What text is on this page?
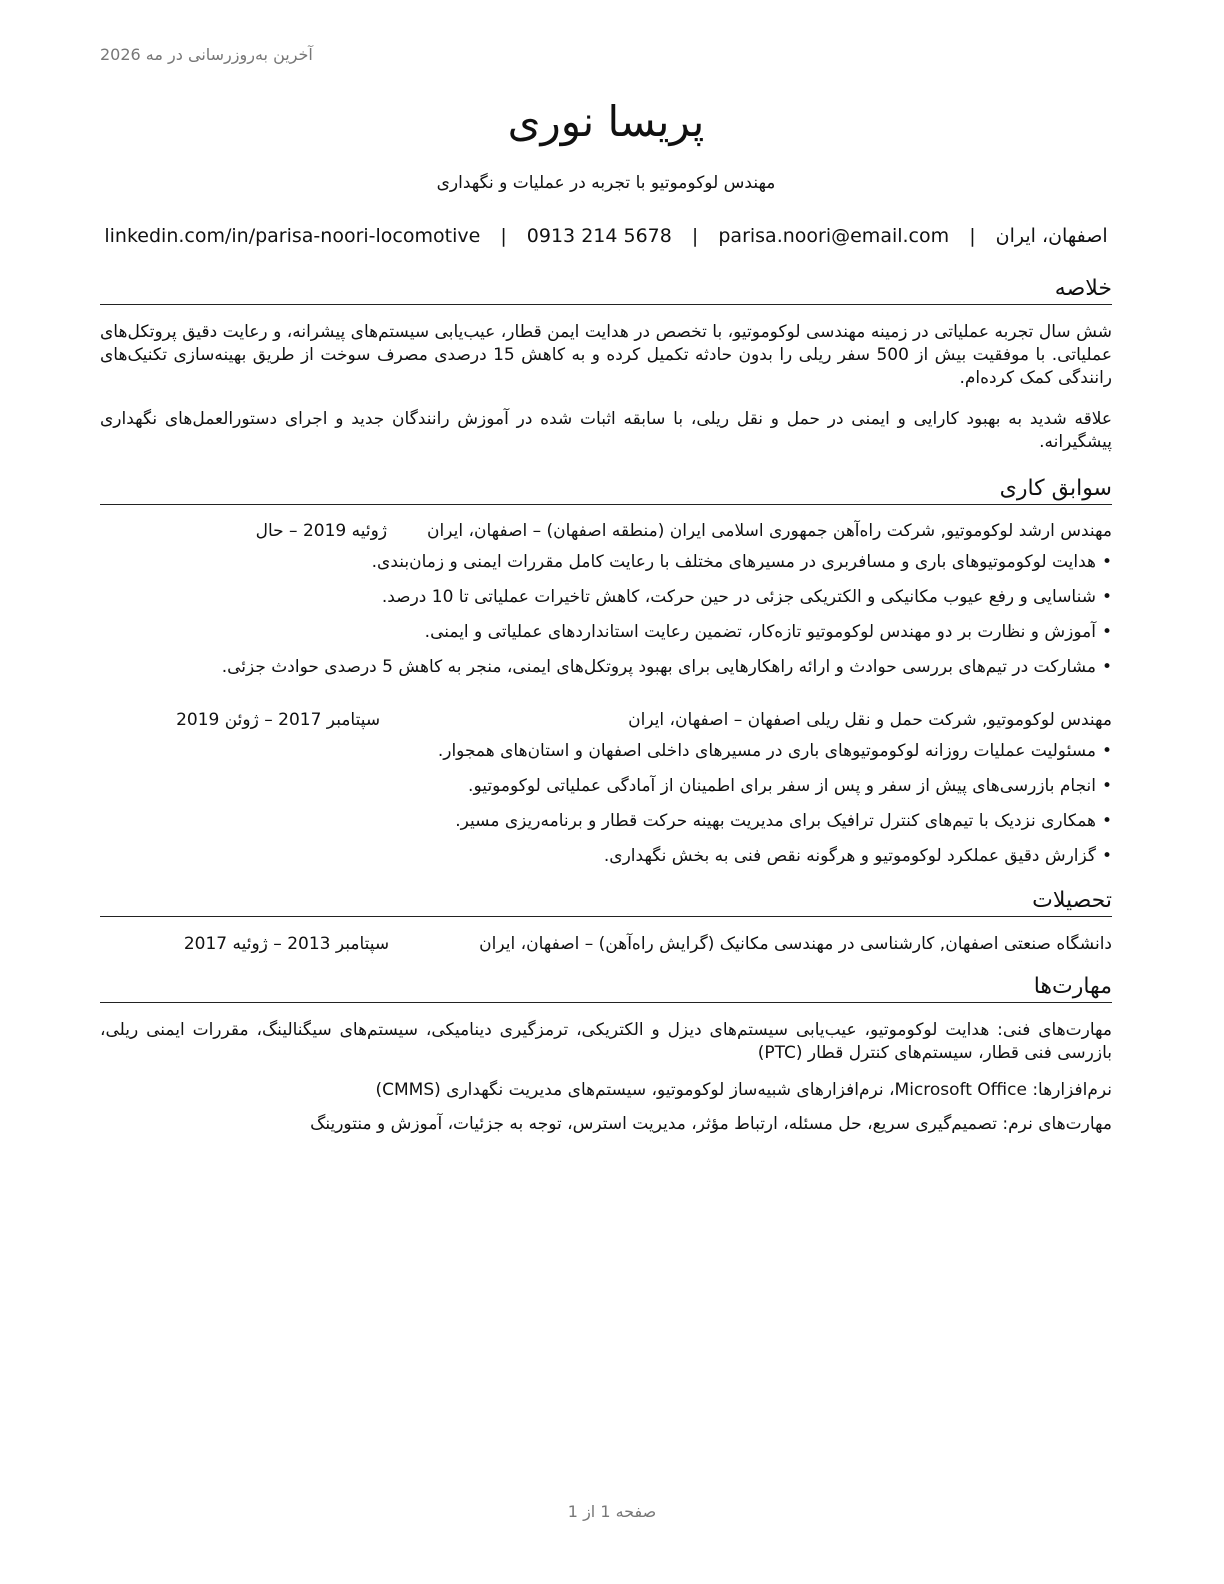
آخرین به‌روزرسانی در مه 2026
پریسا نوری
مهندس لوکوموتیو با تجربه در عملیات و نگهداری
اصفهان، ایران | parisa.noori@email.com | 0913 214 5678 | linkedin.com/in/parisa-noori-locomotive
خلاصه
شش سال تجربه عملیاتی در زمینه مهندسی لوکوموتیو، با تخصص در هدایت ایمن قطار، عیب‌یابی سیستم‌های پیشرانه، و رعایت دقیق پروتکل‌های عملیاتی. با موفقیت بیش از 500 سفر ریلی را بدون حادثه تکمیل کرده و به کاهش 15 درصدی مصرف سوخت از طریق بهینه‌سازی تکنیک‌های رانندگی کمک کرده‌ام.
علاقه شدید به بهبود کارایی و ایمنی در حمل و نقل ریلی، با سابقه اثبات شده در آموزش رانندگان جدید و اجرای دستورالعمل‌های نگهداری پیشگیرانه.
سوابق کاری
مهندس ارشد لوکوموتیو, شرکت راه‌آهن جمهوری اسلامی ایران (منطقه اصفهان) – اصفهان، ایران
ژوئیه 2019 – حال
•هدایت لوکوموتیوهای باری و مسافربری در مسیرهای مختلف با رعایت کامل مقررات ایمنی و زمان‌بندی.
•شناسایی و رفع عیوب مکانیکی و الکتریکی جزئی در حین حرکت، کاهش تاخیرات عملیاتی تا 10 درصد.
•آموزش و نظارت بر دو مهندس لوکوموتیو تازه‌کار، تضمین رعایت استانداردهای عملیاتی و ایمنی.
•مشارکت در تیم‌های بررسی حوادث و ارائه راهکارهایی برای بهبود پروتکل‌های ایمنی، منجر به کاهش 5 درصدی حوادث جزئی.
مهندس لوکوموتیو, شرکت حمل و نقل ریلی اصفهان – اصفهان، ایران
سپتامبر 2017 – ژوئن 2019
•مسئولیت عملیات روزانه لوکوموتیوهای باری در مسیرهای داخلی اصفهان و استان‌های همجوار.
•انجام بازرسی‌های پیش از سفر و پس از سفر برای اطمینان از آمادگی عملیاتی لوکوموتیو.
•همکاری نزدیک با تیم‌های کنترل ترافیک برای مدیریت بهینه حرکت قطار و برنامه‌ریزی مسیر.
•گزارش دقیق عملکرد لوکوموتیو و هرگونه نقص فنی به بخش نگهداری.
تحصیلات
دانشگاه صنعتی اصفهان, کارشناسی در مهندسی مکانیک (گرایش راه‌آهن) – اصفهان، ایران
سپتامبر 2013 – ژوئیه 2017
مهارت‌ها
مهارت‌های فنی: هدایت لوکوموتیو، عیب‌یابی سیستم‌های دیزل و الکتریکی، ترمزگیری دینامیکی، سیستم‌های سیگنالینگ، مقررات ایمنی ریلی، بازرسی فنی قطار، سیستم‌های کنترل قطار (PTC)
نرم‌افزارها: Microsoft Office، نرم‌افزارهای شبیه‌ساز لوکوموتیو، سیستم‌های مدیریت نگهداری (CMMS)
مهارت‌های نرم: تصمیم‌گیری سریع، حل مسئله، ارتباط مؤثر، مدیریت استرس، توجه به جزئیات، آموزش و منتورینگ
صفحه 1 از 1
